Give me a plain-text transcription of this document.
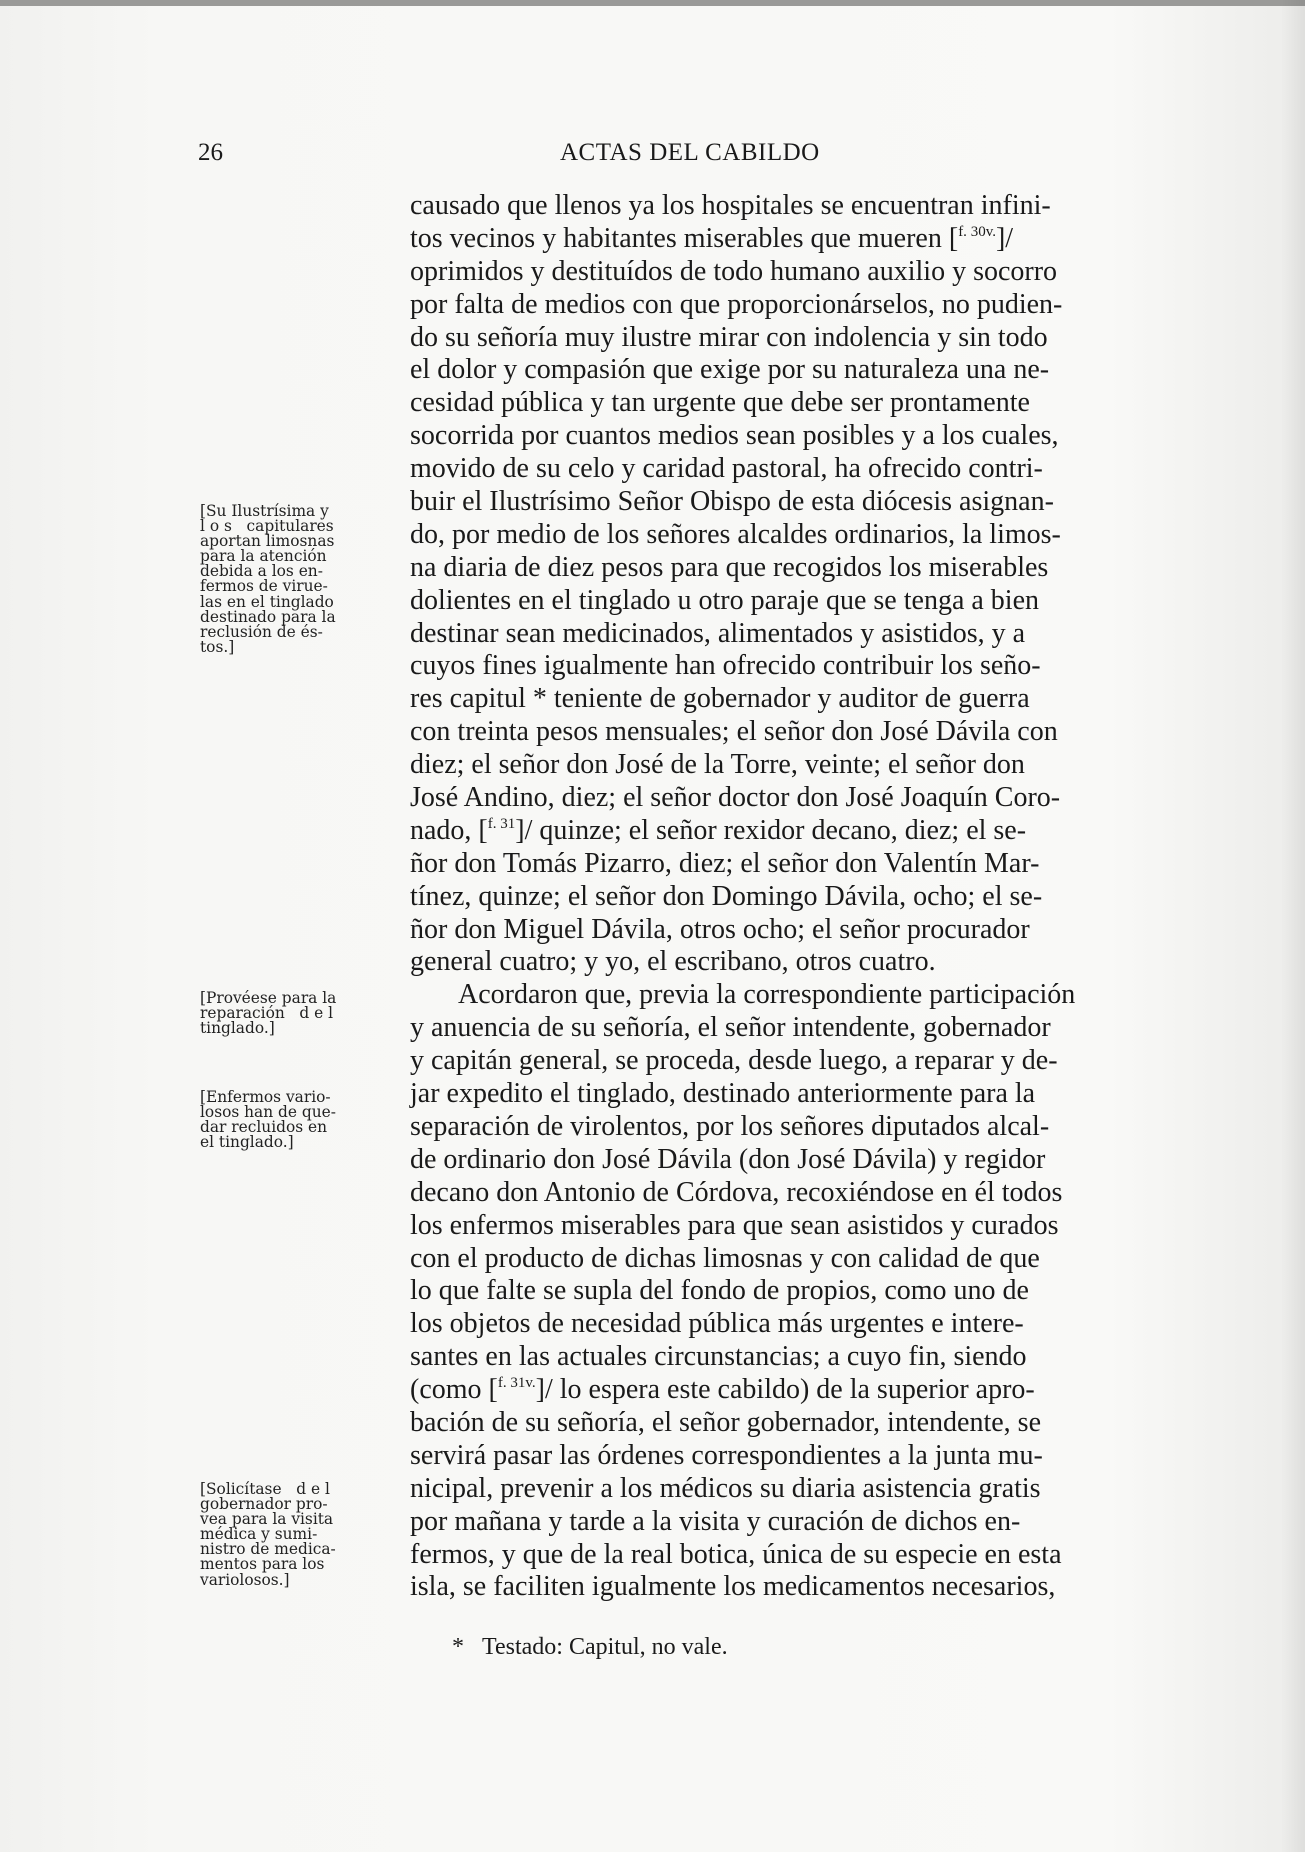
26	ACTAS DEL CABILDO
causado que llenos ya los hospitales se encuentran infini-
tos vecinos y habitantes miserables que mueren [$^{f. 30v.}$]/
oprimidos y destituídos de todo humano auxilio y socorro
por falta de medios con que proporcionárselos, no pudien-
do su señoría muy ilustre mirar con indolencia y sin todo
el dolor y compasión que exige por su naturaleza una ne-
cesidad pública y tan urgente que debe ser prontamente
socorrida por cuantos medios sean posibles y a los cuales,
movido de su celo y caridad pastoral, ha ofrecido contri-
buir el Ilustrísimo Señor Obispo de esta diócesis asignan-
do, por medio de los señores alcaldes ordinarios, la limos-
na diaria de diez pesos para que recogidos los miserables
dolientes en el tinglado u otro paraje que se tenga a bien
destinar sean medicinados, alimentados y asistidos, y a
cuyos fines igualmente han ofrecido contribuir los seño-
res capitul * teniente de gobernador y auditor de guerra
con treinta pesos mensuales; el señor don José Dávila con
diez; el señor don José de la Torre, veinte; el señor don
José Andino, diez; el señor doctor don José Joaquín Coro-
nado, [$^{f. 31}$]/ quinze; el señor rexidor decano, diez; el se-
ñor don Tomás Pizarro, diez; el señor don Valentín Mar-
tínez, quinze; el señor don Domingo Dávila, ocho; el se-
ñor don Miguel Dávila, otros ocho; el señor procurador
general cuatro; y yo, el escribano, otros cuatro.
Acordaron que, previa la correspondiente participación
y anuencia de su señoría, el señor intendente, gobernador
y capitán general, se proceda, desde luego, a reparar y de-
jar expedito el tinglado, destinado anteriormente para la
separación de virolentos, por los señores diputados alcal-
de ordinario don José Dávila (don José Dávila) y regidor
decano don Antonio de Córdova, recoxiéndose en él todos
los enfermos miserables para que sean asistidos y curados
con el producto de dichas limosnas y con calidad de que
lo que falte se supla del fondo de propios, como uno de
los objetos de necesidad pública más urgentes e intere-
santes en las actuales circunstancias; a cuyo fin, siendo
(como [$^{f. 31v.}$]/ lo espera este cabildo) de la superior apro-
bación de su señoría, el señor gobernador, intendente, se
servirá pasar las órdenes correspondientes a la junta mu-
nicipal, prevenir a los médicos su diaria asistencia gratis
por mañana y tarde a la visita y curación de dichos en-
fermos, y que de la real botica, única de su especie en esta
isla, se faciliten igualmente los medicamentos necesarios,
[Su Ilustrísima y
l o s   capitulares
aportan limosnas
para la atención
debida a los en-
fermos de virue-
las en el tinglado
destinado para la
reclusión de és-
tos.]
[Provéese para la
reparación   d e l
tinglado.]
[Enfermos vario-
losos han de que-
dar recluidos en
el tinglado.]
[Solicítase   d e l
gobernador pro-
vea para la visita
médica y sumi-
nistro de medica-
mentos para los
variolosos.]
* Testado: Capitul, no vale.
